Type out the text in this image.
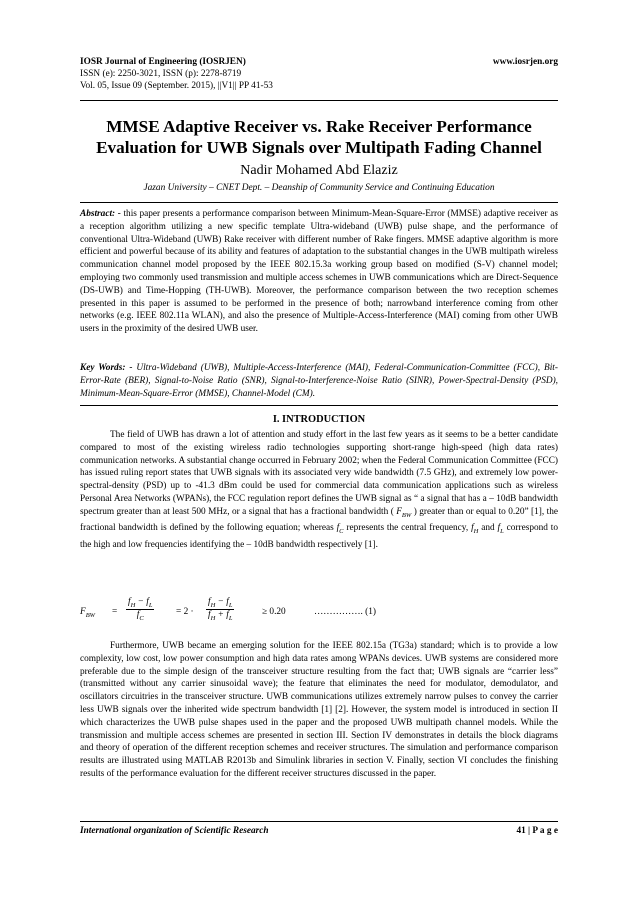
IOSR Journal of Engineering (IOSRJEN)	www.iosrjen.org
ISSN (e): 2250-3021, ISSN (p): 2278-8719
Vol. 05, Issue 09 (September. 2015), ||V1|| PP 41-53
MMSE Adaptive Receiver vs. Rake Receiver Performance
Evaluation for UWB Signals over Multipath Fading Channel
Nadir Mohamed Abd Elaziz
Jazan University – CNET Dept. – Deanship of Community Service and Continuing Education
Abstract: - this paper presents a performance comparison between Minimum-Mean-Square-Error (MMSE) adaptive receiver as a reception algorithm utilizing a new specific template Ultra-wideband (UWB) pulse shape, and the performance of conventional Ultra-Wideband (UWB) Rake receiver with different number of Rake fingers. MMSE adaptive algorithm is more efficient and powerful because of its ability and features of adaptation to the substantial changes in the UWB multipath wireless communication channel model proposed by the IEEE 802.15.3a working group based on modified (S-V) channel model; employing two commonly used transmission and multiple access schemes in UWB communications which are Direct-Sequence (DS-UWB) and Time-Hopping (TH-UWB). Moreover, the performance comparison between the two reception schemes presented in this paper is assumed to be performed in the presence of both; narrowband interference coming from other networks (e.g. IEEE 802.11a WLAN), and also the presence of Multiple-Access-Interference (MAI) coming from other UWB users in the proximity of the desired UWB user.
Key Words: - Ultra-Wideband (UWB), Multiple-Access-Interference (MAI), Federal-Communication-Committee (FCC), Bit-Error-Rate (BER), Signal-to-Noise Ratio (SNR), Signal-to-Interference-Noise Ratio (SINR), Power-Spectral-Density (PSD), Minimum-Mean-Square-Error (MMSE), Channel-Model (CM).
I. INTRODUCTION

The field of UWB has drawn a lot of attention and study effort in the last few years as it seems to be a better candidate compared to most of the existing wireless radio technologies supporting short-range high-speed (high data rates) communication networks. A substantial change occurred in February 2002; when the Federal Communication Committee (FCC) has issued ruling report states that UWB signals with its associated very wide bandwidth (7.5 GHz), and extremely low power-spectral-density (PSD) up to -41.3 dBm could be used for commercial data communication applications such as wireless Personal Area Networks (WPANs), the FCC regulation report defines the UWB signal as “ a signal that has a – 10dB bandwidth spectrum greater than at least 500 MHz, or a signal that has a fractional bandwidth ( $F_{BW}$ ) greater than or equal to 0.20” [1], the fractional bandwidth is defined by the following equation; whereas $f_C$ represents the central frequency, $f_H$ and $f_L$ correspond to the high and low frequencies identifying the – 10dB bandwidth respectively [1].

$F_{BW} = \frac{f_H - f_L}{f_C} = 2 \cdot \frac{f_H - f_L}{f_H + f_L}$	≥ 0.20	……………. (1)

Furthermore, UWB became an emerging solution for the IEEE 802.15a (TG3a) standard; which is to provide a low complexity, low cost, low power consumption and high data rates among WPANs devices. UWB systems are considered more preferable due to the simple design of the transceiver structure resulting from the fact that; UWB signals are “carrier less” (transmitted without any carrier sinusoidal wave); the feature that eliminates the need for modulator, demodulator, and oscillators circuitries in the transceiver structure. UWB communications utilizes extremely narrow pulses to convey the carrier less UWB signals over the inherited wide spectrum bandwidth [1] [2]. However, the system model is introduced in section II which characterizes the UWB pulse shapes used in the paper and the proposed UWB multipath channel models. While the transmission and multiple access schemes are presented in section III. Section IV demonstrates in details the block diagrams and theory of operation of the different reception schemes and receiver structures. The simulation and performance comparison results are illustrated using MATLAB R2013b and Simulink libraries in section V. Finally, section VI concludes the finishing results of the performance evaluation for the different receiver structures discussed in the paper.

International organization of Scientific Research	41 | P a g e
